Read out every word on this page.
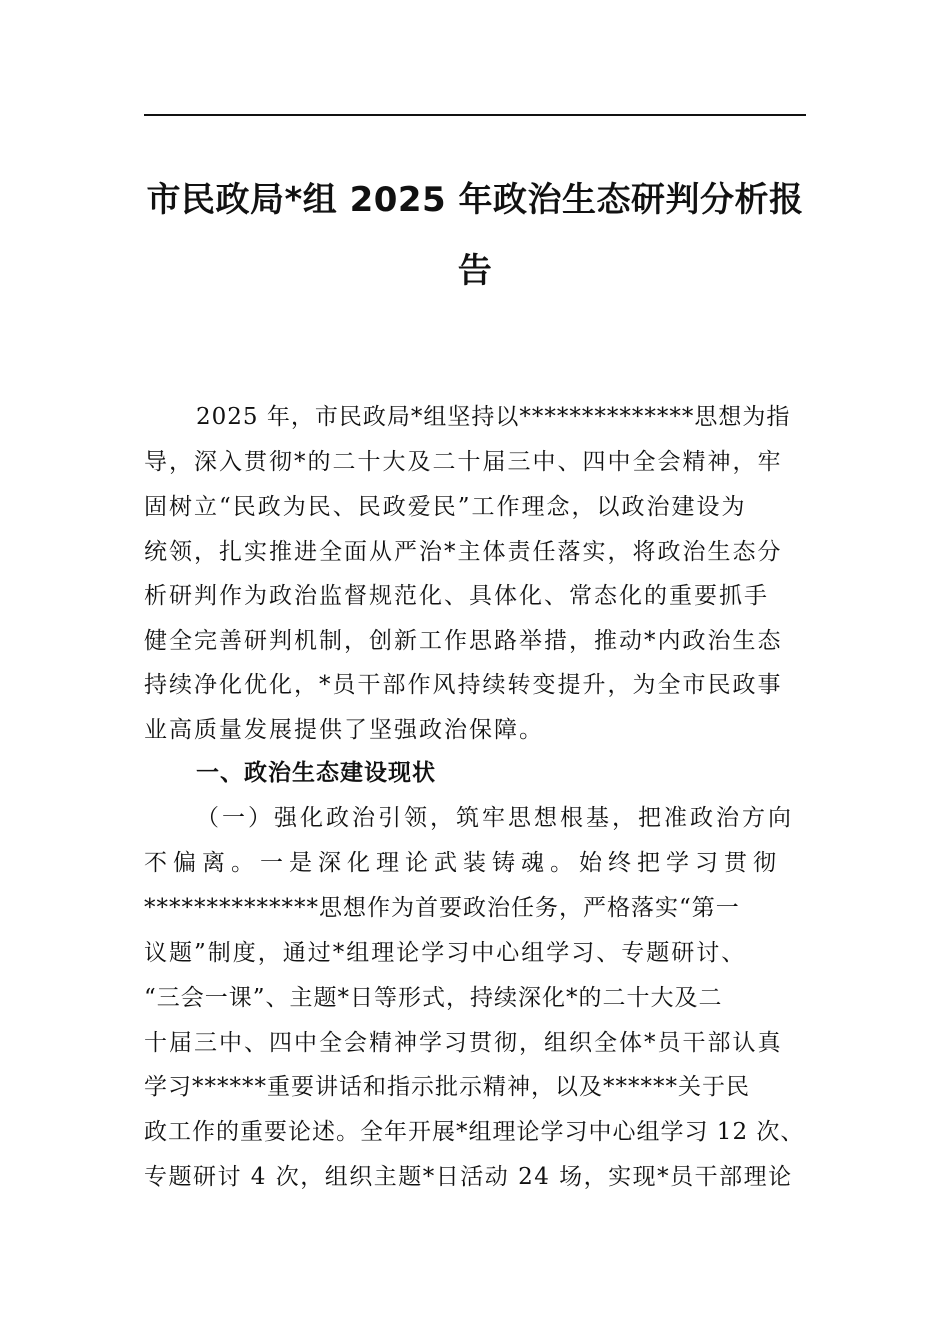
市民政局*组 2025 年政治生态研判分析报
告
2025 年，市民政局*组坚持以**************思想为指
导，深入贯彻*的二十大及二十届三中、四中全会精神，牢
固树立“民政为民、民政爱民”工作理念，以政治建设为
统领，扎实推进全面从严治*主体责任落实，将政治生态分
析研判作为政治监督规范化、具体化、常态化的重要抓手
健全完善研判机制，创新工作思路举措，推动*内政治生态
持续净化优化，*员干部作风持续转变提升，为全市民政事
业高质量发展提供了坚强政治保障。
一、政治生态建设现状
（一）强化政治引领，筑牢思想根基，把准政治方向
不偏离。一是深化理论武装铸魂。始终把学习贯彻
**************思想作为首要政治任务，严格落实“第一
议题”制度，通过*组理论学习中心组学习、专题研讨、
“三会一课”、主题*日等形式，持续深化*的二十大及二
十届三中、四中全会精神学习贯彻，组织全体*员干部认真
学习******重要讲话和指示批示精神，以及******关于民
政工作的重要论述。全年开展*组理论学习中心组学习 12 次、
专题研讨 4 次，组织主题*日活动 24 场，实现*员干部理论
